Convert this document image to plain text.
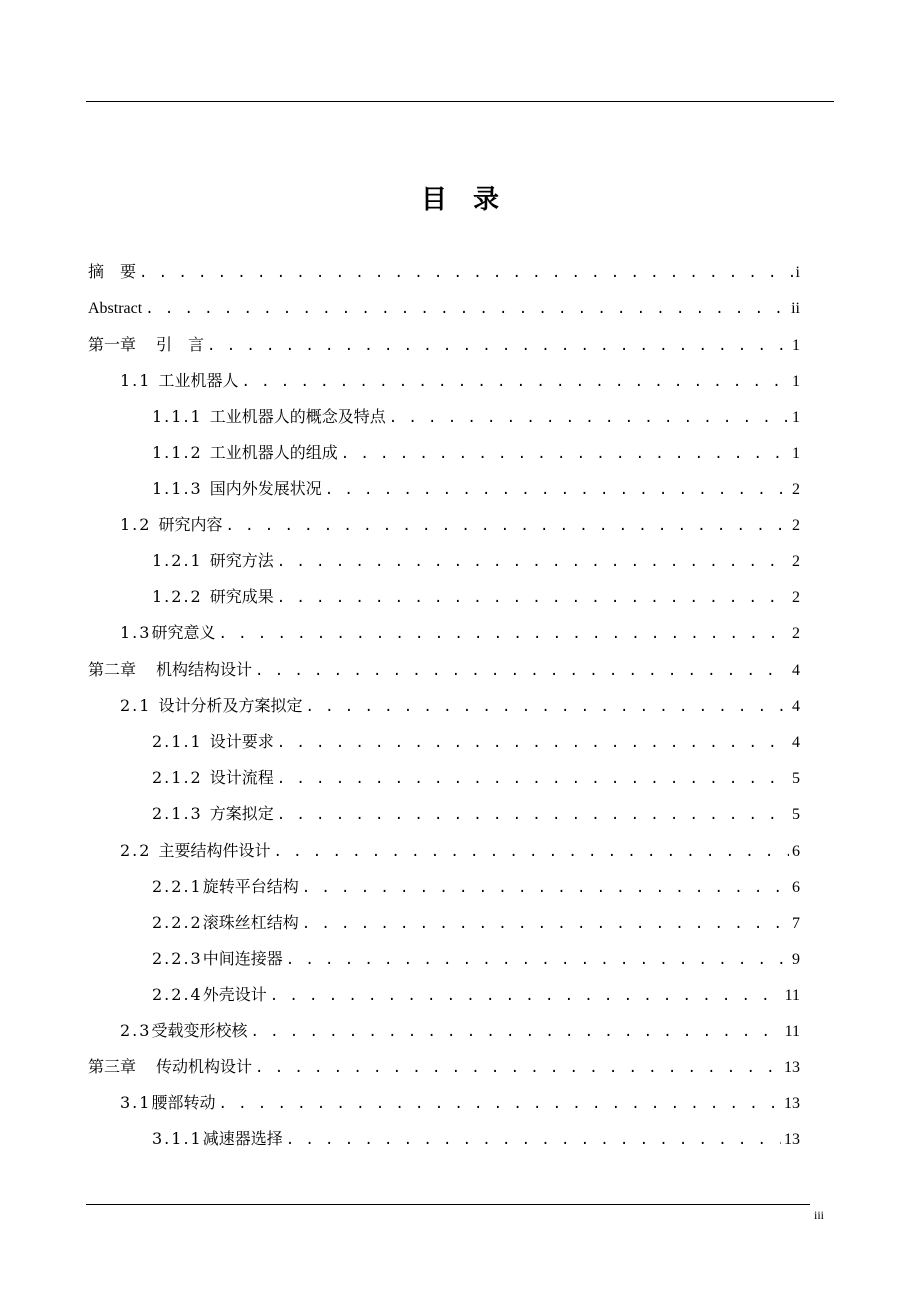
目录
摘　要 . . .	i
Abstract . . .	ii
第一章 引　言 . . .	1
1.1 工业机器人 . . .	1
1.1.1 工业机器人的概念及特点 . . .	1
1.1.2 工业机器人的组成 . . .	1
1.1.3 国内外发展状况 . . .	2
1.2 研究内容 . . .	2
1.2.1 研究方法 . . .	2
1.2.2 研究成果 . . .	2
1.3研究意义 . . .	2
第二章 机构结构设计 . . .	4
2.1 设计分析及方案拟定 . . .	4
2.1.1 设计要求 . . .	4
2.1.2 设计流程 . . .	5
2.1.3 方案拟定 . . .	5
2.2 主要结构件设计 . . .	6
2.2.1旋转平台结构 . . .	6
2.2.2滚珠丝杠结构 . . .	7
2.2.3中间连接器 . . .	9
2.2.4外壳设计 . . .	11
2.3受载变形校核 . . .	11
第三章 传动机构设计 . . .	13
3.1腰部转动 . . .	13
3.1.1减速器选择 . . .	13
iii
